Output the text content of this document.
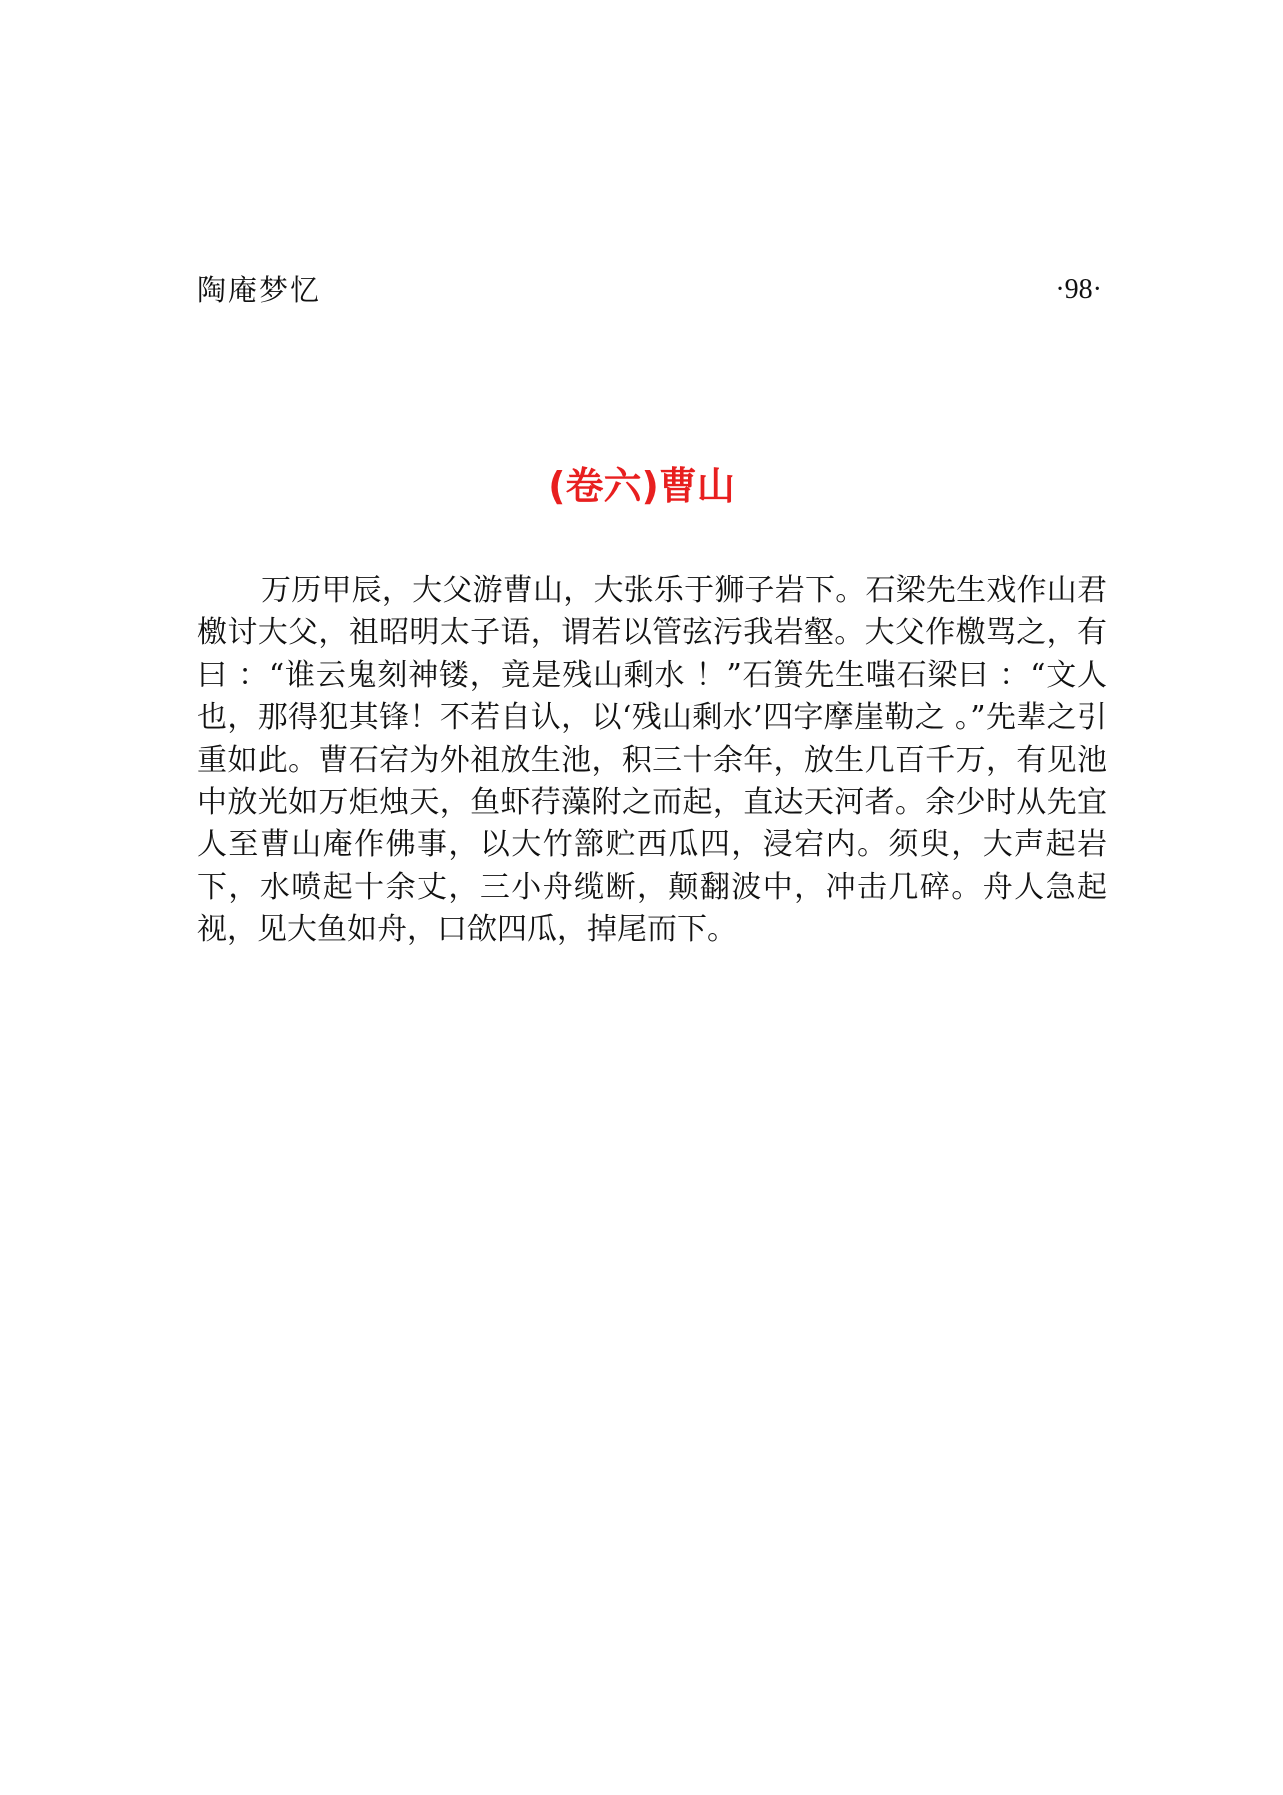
陶庵梦忆	·98·
(卷六)曹山

万历甲辰，大父游曹山，大张乐于狮子岩下。石梁先生戏作山君檄讨大父，祖昭明太子语，谓若以管弦污我岩壑。大父作檄骂之，有曰 ：“谁云鬼刻神镂，竟是残山剩水 ！”石篑先生嗤石梁曰 ：“文人也，那得犯其锋！不若自认，以‘残山剩水’四字摩崖勒之 。”先辈之引重如此。曹石宕为外祖放生池，积三十余年，放生几百千万，有见池中放光如万炬烛天，鱼虾荇藻附之而起，直达天河者。余少时从先宜人至曹山庵作佛事，以大竹篰贮西瓜四，浸宕内。须臾，大声起岩下，水喷起十余丈，三小舟缆断，颠翻波中，冲击几碎。舟人急起视，见大鱼如舟，口欱四瓜，掉尾而下。
